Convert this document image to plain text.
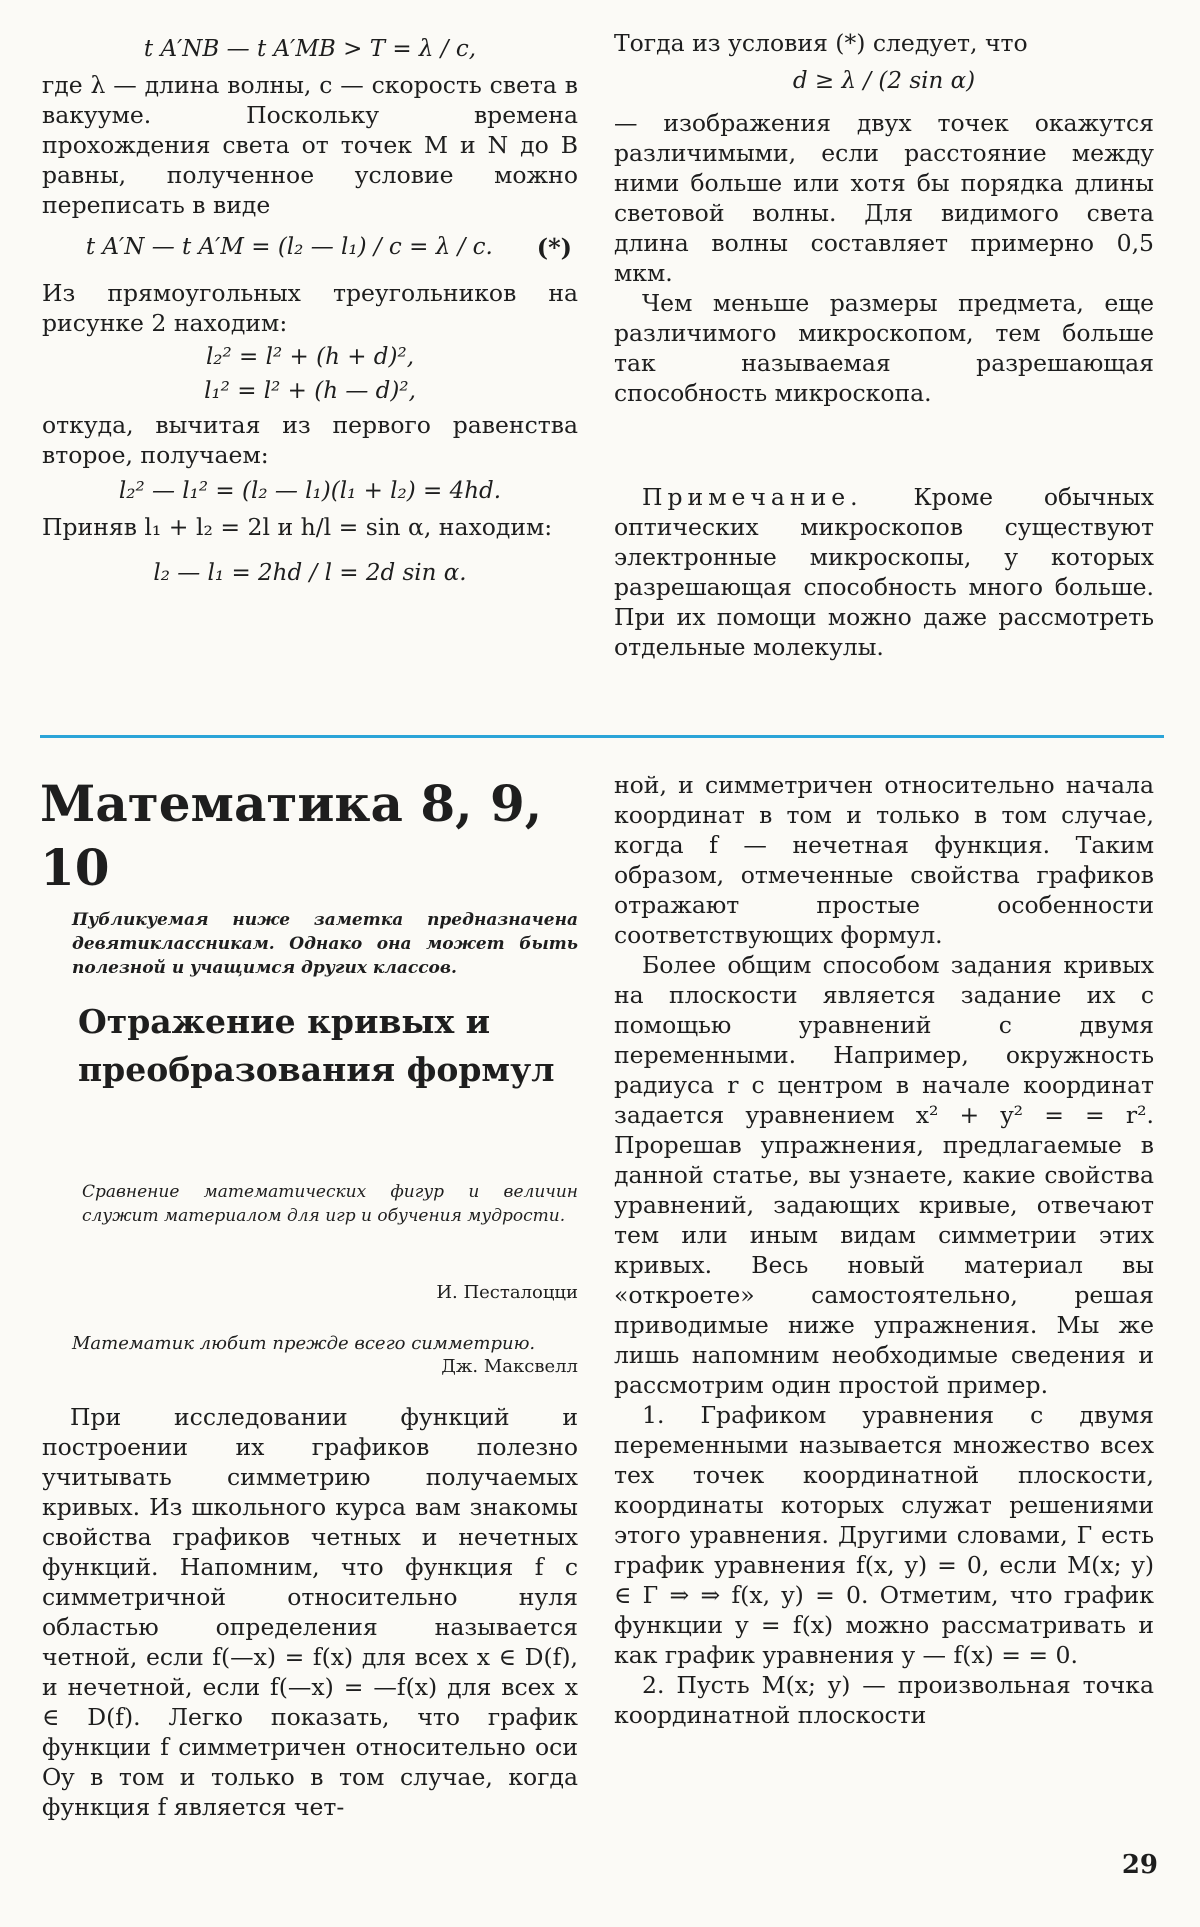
t A′NB — t A′MB > T = λ / c,

где λ — длина волны, c — скорость света в вакууме. Поскольку времена прохождения света от точек M и N до B равны, полученное условие можно переписать в виде

t A′N — t A′M = (l₂ — l₁) / c = λ / c.	(*)

Из прямоугольных треугольников на рисунке 2 находим:

l₂² = l² + (h + d)²,

l₁² = l² + (h — d)²,

откуда, вычитая из первого равенства второе, получаем:

l₂² — l₁² = (l₂ — l₁)(l₁ + l₂) = 4hd.

Приняв l₁ + l₂ = 2l и h/l = sin α, находим:

l₂ — l₁ = 2hd / l = 2d sin α.

Тогда из условия (*) следует, что

d ≥ λ / (2 sin α)

— изображения двух точек окажутся различимыми, если расстояние между ними больше или хотя бы порядка длины световой волны. Для видимого света длина волны составляет примерно 0,5 мкм.

Чем меньше размеры предмета, еще различимого микроскопом, тем больше так называемая разрешающая способность микроскопа.

Примечание. Кроме обычных оптических микроскопов существуют электронные микроскопы, у которых разрешающая способность много больше. При их помощи можно даже рассмотреть отдельные молекулы.

Математика 8, 9, 10

Публикуемая ниже заметка предназначена девятиклассникам. Однако она может быть полезной и учащимся других классов.

Отражение кривых и преобразования формул

Сравнение математических фигур и величин служит материалом для игр и обучения мудрости.

И. Песталоцци

Математик любит прежде всего симметрию.

Дж. Максвелл

При исследовании функций и построении их графиков полезно учитывать симметрию получаемых кривых. Из школьного курса вам знакомы свойства графиков четных и нечетных функций. Напомним, что функция f с симметричной относительно нуля областью определения называется четной, если f(—x) = f(x) для всех x ∈ D(f), и нечетной, если f(—x) = —f(x) для всех x ∈ D(f). Легко показать, что график функции f симметричен относительно оси Oy в том и только в том случае, когда функция f является чет-

ной, и симметричен относительно начала координат в том и только в том случае, когда f — нечетная функция. Таким образом, отмеченные свойства графиков отражают простые особенности соответствующих формул.

Более общим способом задания кривых на плоскости является задание их с помощью уравнений с двумя переменными. Например, окружность радиуса r с центром в начале координат задается уравнением x² + y² = = r². Прорешав упражнения, предлагаемые в данной статье, вы узнаете, какие свойства уравнений, задающих кривые, отвечают тем или иным видам симметрии этих кривых. Весь новый материал вы «откроете» самостоятельно, решая приводимые ниже упражнения. Мы же лишь напомним необходимые сведения и рассмотрим один простой пример.

1. Графиком уравнения с двумя переменными называется множество всех тех точек координатной плоскости, координаты которых служат решениями этого уравнения. Другими словами, Г есть график уравнения f(x, y) = 0, если M(x; y) ∈ Г ⇒ ⇒ f(x, y) = 0. Отметим, что график функции y = f(x) можно рассматривать и как график уравнения y — f(x) = = 0.

2. Пусть M(x; y) — произвольная точка координатной плоскости

29
